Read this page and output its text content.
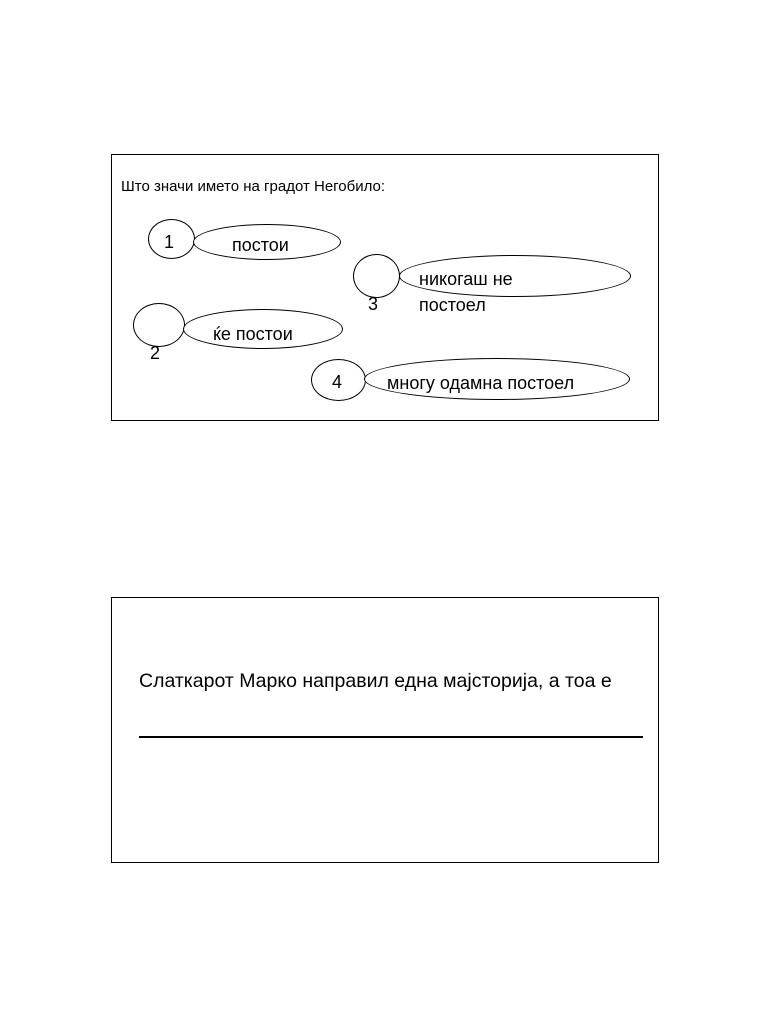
Што значи името на градот Негобило:
1	постои
3
никогаш не
постоел
2
ќе постои
4 многу одамна постоел
Слаткарот Марко направил една мајсторија, а тоа е
